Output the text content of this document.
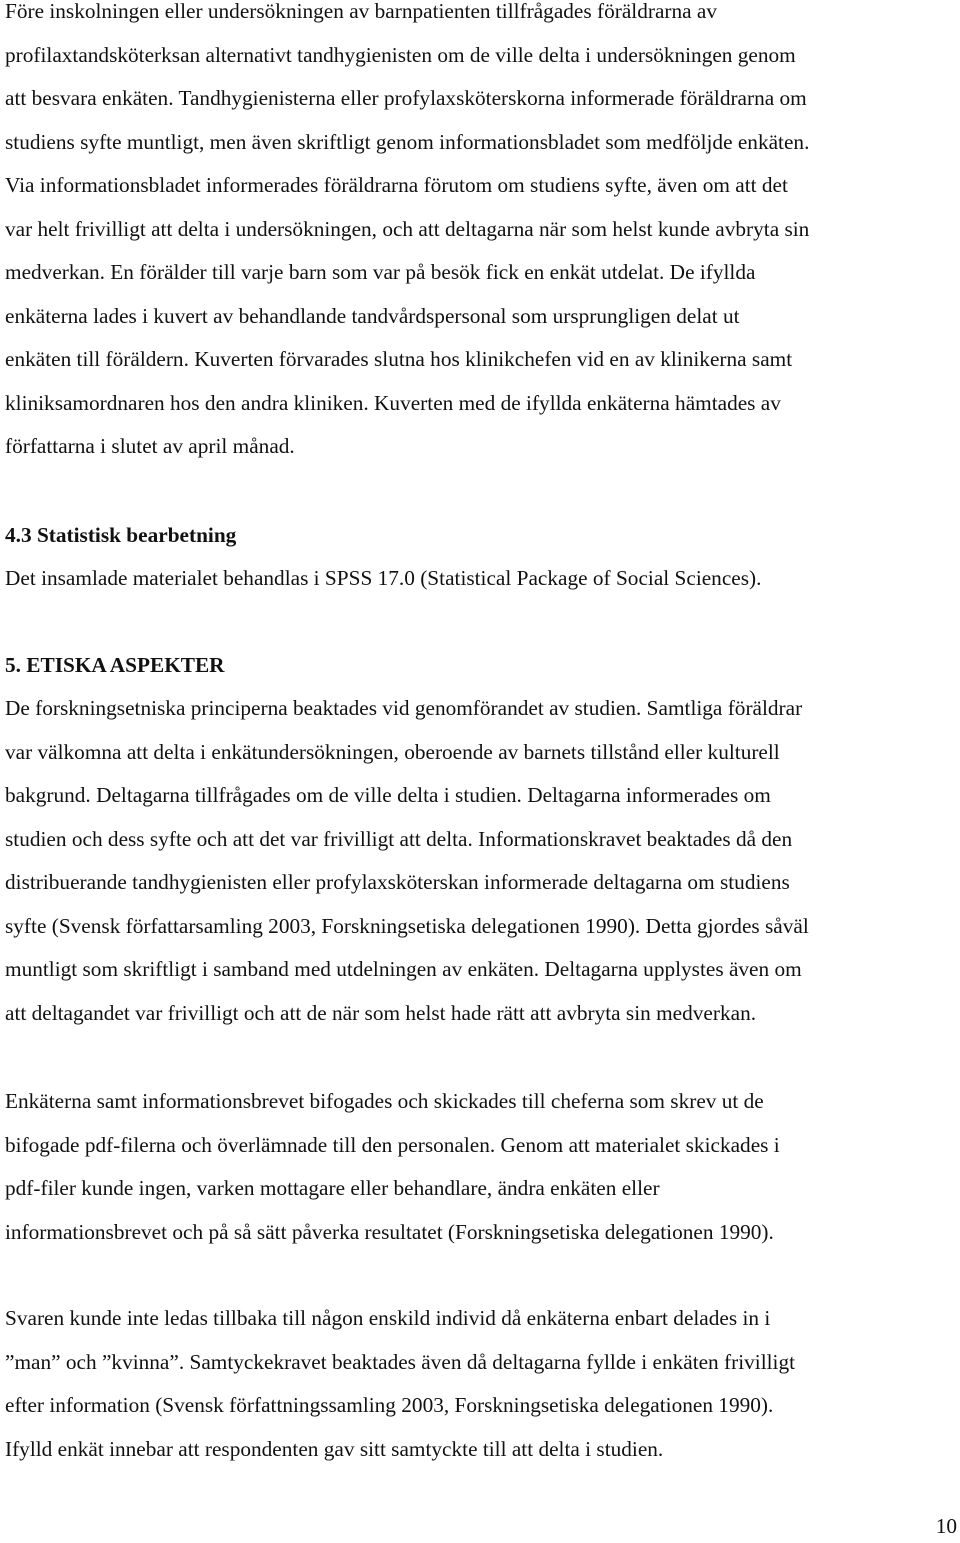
Före inskolningen eller undersökningen av barnpatienten tillfrågades föräldrarna av
profilaxtandsköterksan alternativt tandhygienisten om de ville delta i undersökningen genom
att besvara enkäten. Tandhygienisterna eller profylaxsköterskorna informerade föräldrarna om
studiens syfte muntligt, men även skriftligt genom informationsbladet som medföljde enkäten.
Via informationsbladet informerades föräldrarna förutom om studiens syfte, även om att det
var helt frivilligt att delta i undersökningen, och att deltagarna när som helst kunde avbryta sin
medverkan. En förälder till varje barn som var på besök fick en enkät utdelat. De ifyllda
enkäterna lades i kuvert av behandlande tandvårdspersonal som ursprungligen delat ut
enkäten till föräldern. Kuverten förvarades slutna hos klinikchefen vid en av klinikerna samt
kliniksamordnaren hos den andra kliniken. Kuverten med de ifyllda enkäterna hämtades av
författarna i slutet av april månad.

4.3 Statistisk bearbetning

Det insamlade materialet behandlas i SPSS 17.0 (Statistical Package of Social Sciences).

5. ETISKA ASPEKTER

De forskningsetniska principerna beaktades vid genomförandet av studien. Samtliga föräldrar
var välkomna att delta i enkätundersökningen, oberoende av barnets tillstånd eller kulturell
bakgrund. Deltagarna tillfrågades om de ville delta i studien. Deltagarna informerades om
studien och dess syfte och att det var frivilligt att delta. Informationskravet beaktades då den
distribuerande tandhygienisten eller profylaxsköterskan informerade deltagarna om studiens
syfte (Svensk författarsamling 2003, Forskningsetiska delegationen 1990). Detta gjordes såväl
muntligt som skriftligt i samband med utdelningen av enkäten. Deltagarna upplystes även om
att deltagandet var frivilligt och att de när som helst hade rätt att avbryta sin medverkan.

Enkäterna samt informationsbrevet bifogades och skickades till cheferna som skrev ut de
bifogade pdf-filerna och överlämnade till den personalen. Genom att materialet skickades i
pdf-filer kunde ingen, varken mottagare eller behandlare, ändra enkäten eller
informationsbrevet och på så sätt påverka resultatet (Forskningsetiska delegationen 1990).

Svaren kunde inte ledas tillbaka till någon enskild individ då enkäterna enbart delades in i
”man” och ”kvinna”. Samtyckekravet beaktades även då deltagarna fyllde i enkäten frivilligt
efter information (Svensk författningssamling 2003, Forskningsetiska delegationen 1990).
Ifylld enkät innebar att respondenten gav sitt samtyckte till att delta i studien.

10
